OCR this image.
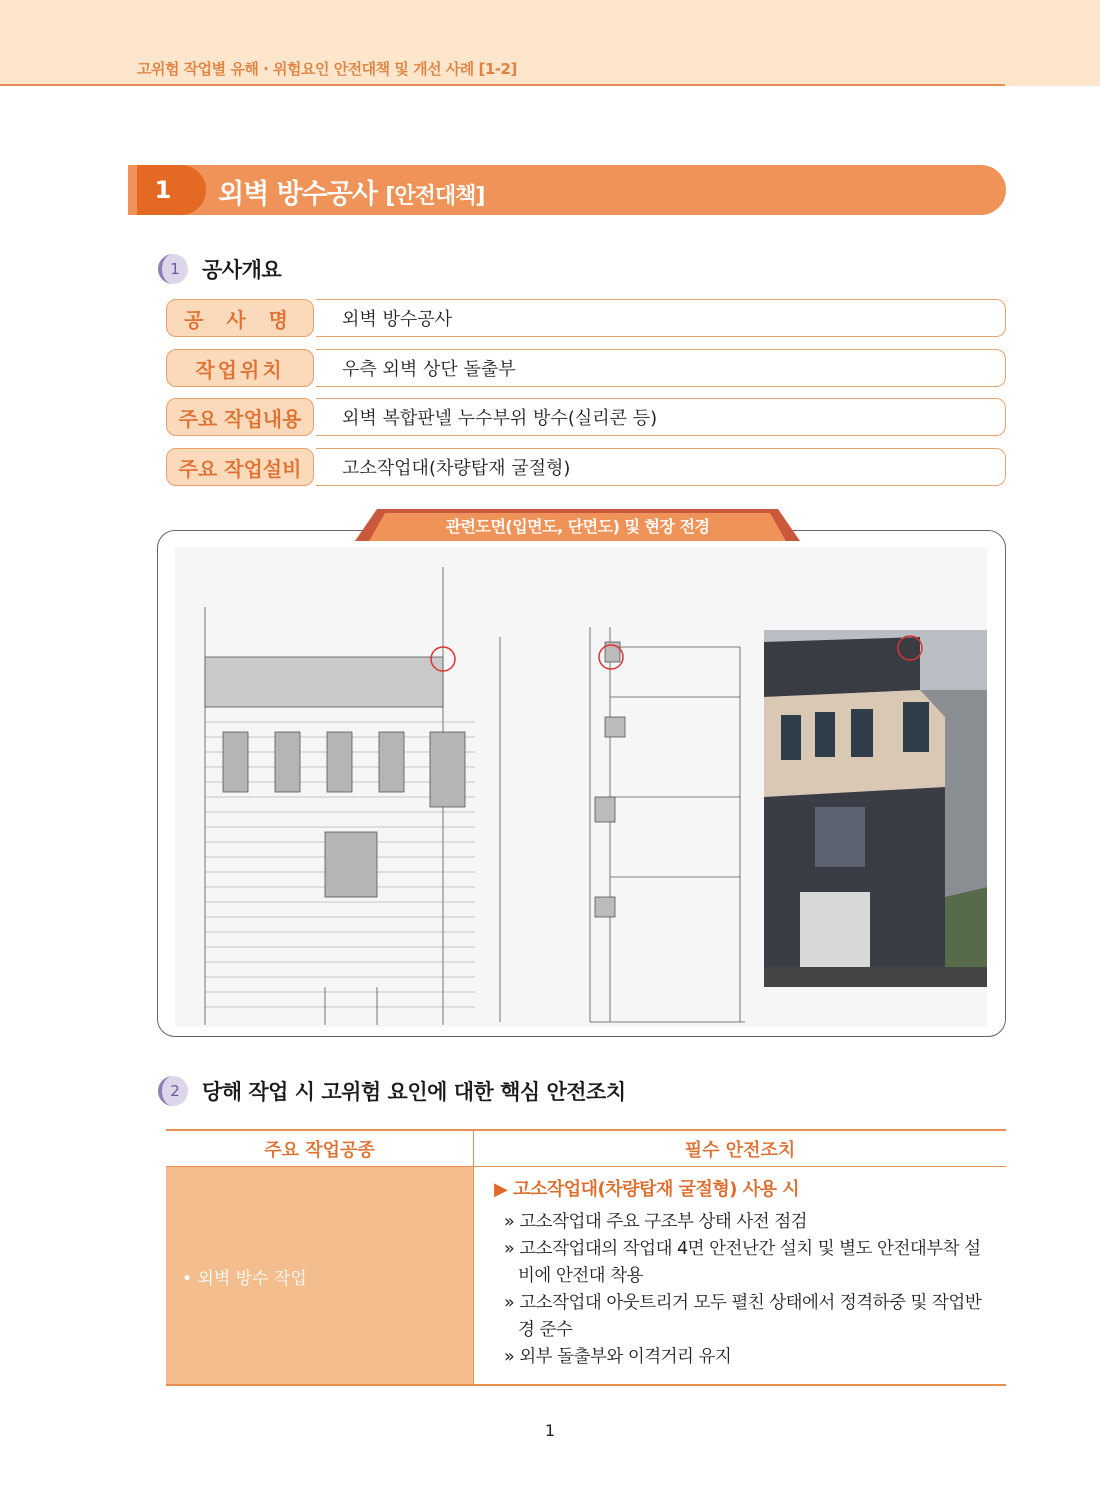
고위험 작업별 유해 · 위험요인 안전대책 및 개선 사례 [1-2]
1	외벽 방수공사 [안전대책]
1	공사개요
공 사 명	외벽 방수공사
작업위치	우측 외벽 상단 돌출부
주요 작업내용	외벽 복합판넬 누수부위 방수(실리콘 등)
주요 작업설비	고소작업대(차량탑재 굴절형)
관련도면(입면도, 단면도) 및 현장 전경
2	당해 작업 시 고위험 요인에 대한 핵심 안전조치
주요 작업공종	필수 안전조치
• 외벽 방수 작업
▶ 고소작업대(차량탑재 굴절형) 사용 시
» 고소작업대 주요 구조부 상태 사전 점검
» 고소작업대의 작업대 4면 안전난간 설치 및 별도 안전대부착 설비에 안전대 착용
» 고소작업대 아웃트리거 모두 펼친 상태에서 정격하중 및 작업반경 준수
» 외부 돌출부와 이격거리 유지
1
